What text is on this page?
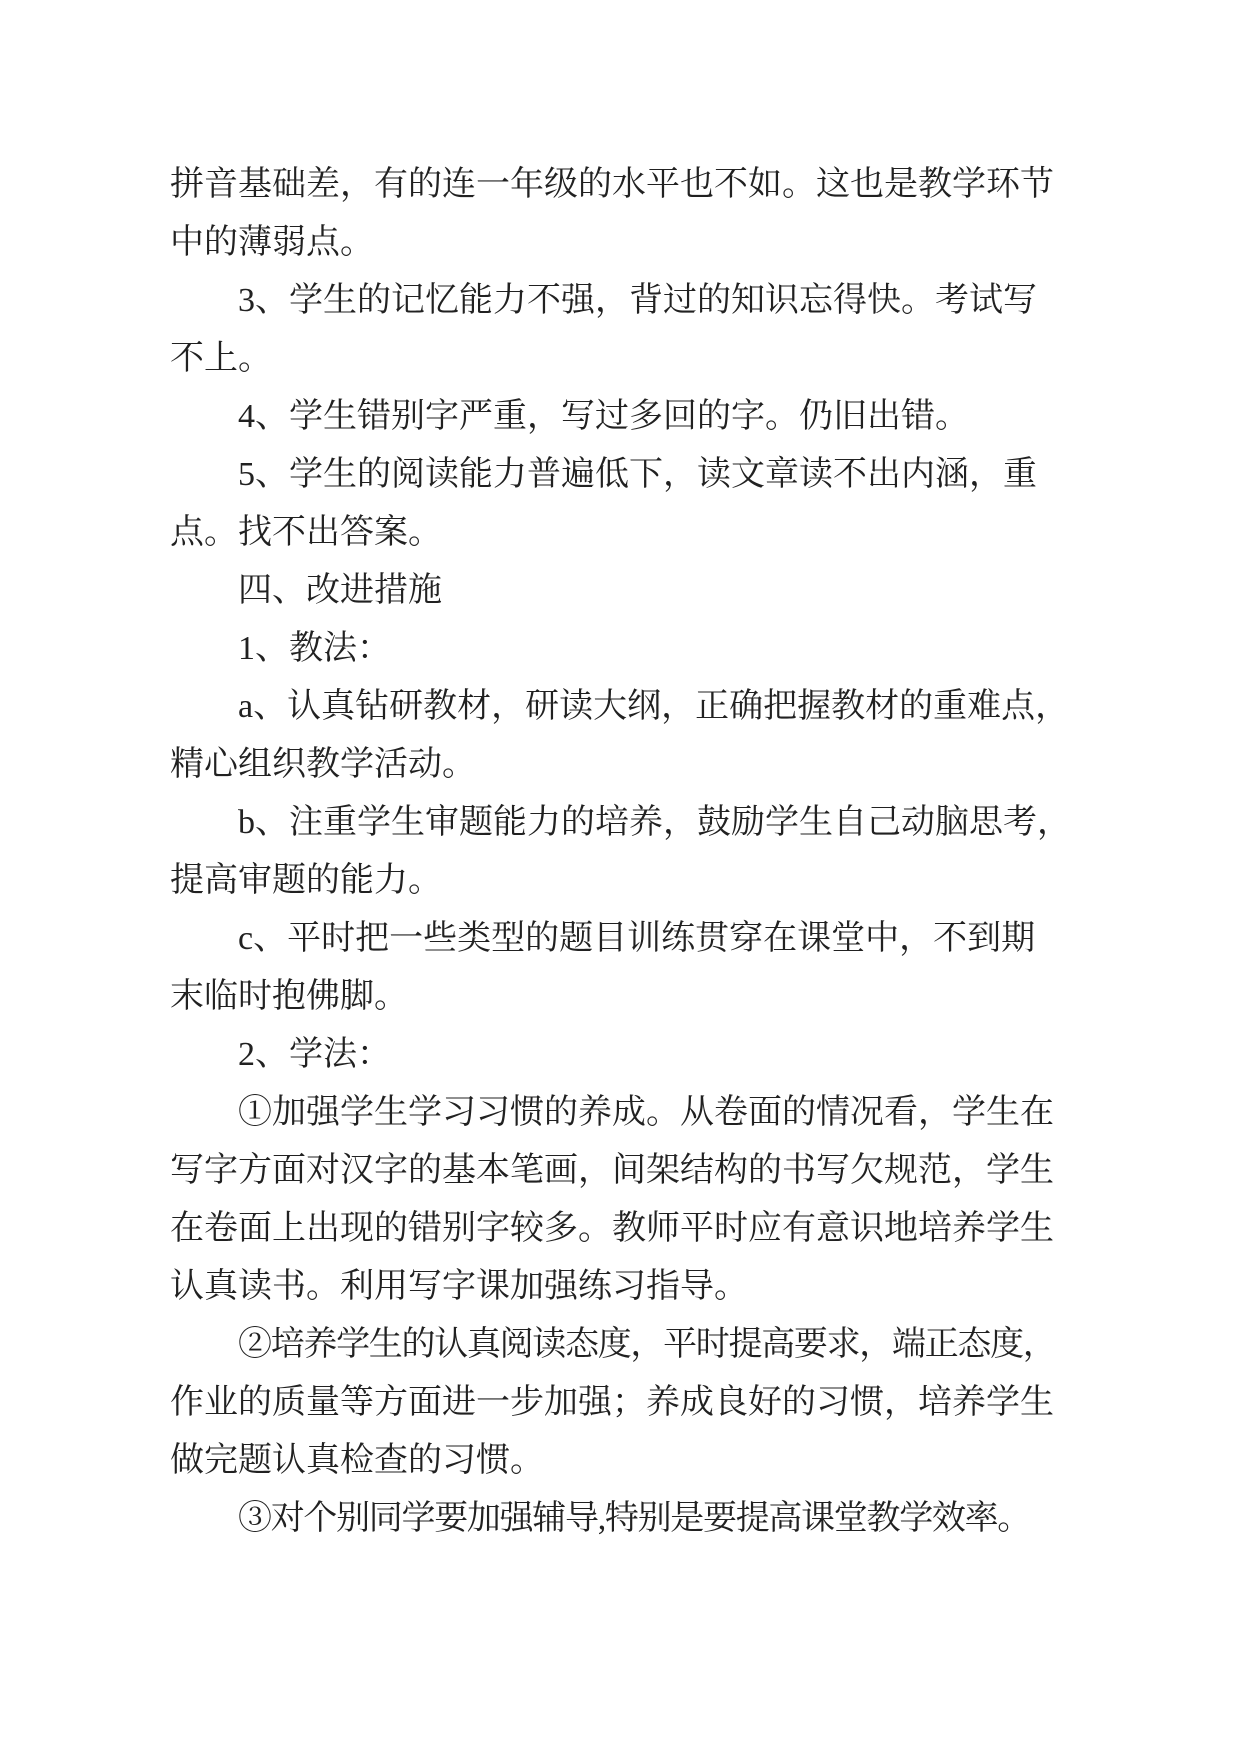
拼音基础差，有的连一年级的水平也不如。这也是教学环节

中的薄弱点。

3、学生的记忆能力不强，背过的知识忘得快。考试写

不上。

4、学生错别字严重，写过多回的字。仍旧出错。

5、学生的阅读能力普遍低下，读文章读不出内涵，重

点。找不出答案。

四、改进措施

1、教法：

a、认真钻研教材，研读大纲，正确把握教材的重难点，

精心组织教学活动。

b、注重学生审题能力的培养，鼓励学生自己动脑思考，

提高审题的能力。

c、平时把一些类型的题目训练贯穿在课堂中，不到期

末临时抱佛脚。

2、学法：

①加强学生学习习惯的养成。从卷面的情况看，学生在

写字方面对汉字的基本笔画，间架结构的书写欠规范，学生

在卷面上出现的错别字较多。教师平时应有意识地培养学生

认真读书。利用写字课加强练习指导。

②培养学生的认真阅读态度，平时提高要求，端正态度，

作业的质量等方面进一步加强；养成良好的习惯，培养学生

做完题认真检查的习惯。

③对个别同学要加强辅导,特别是要提高课堂教学效率。
